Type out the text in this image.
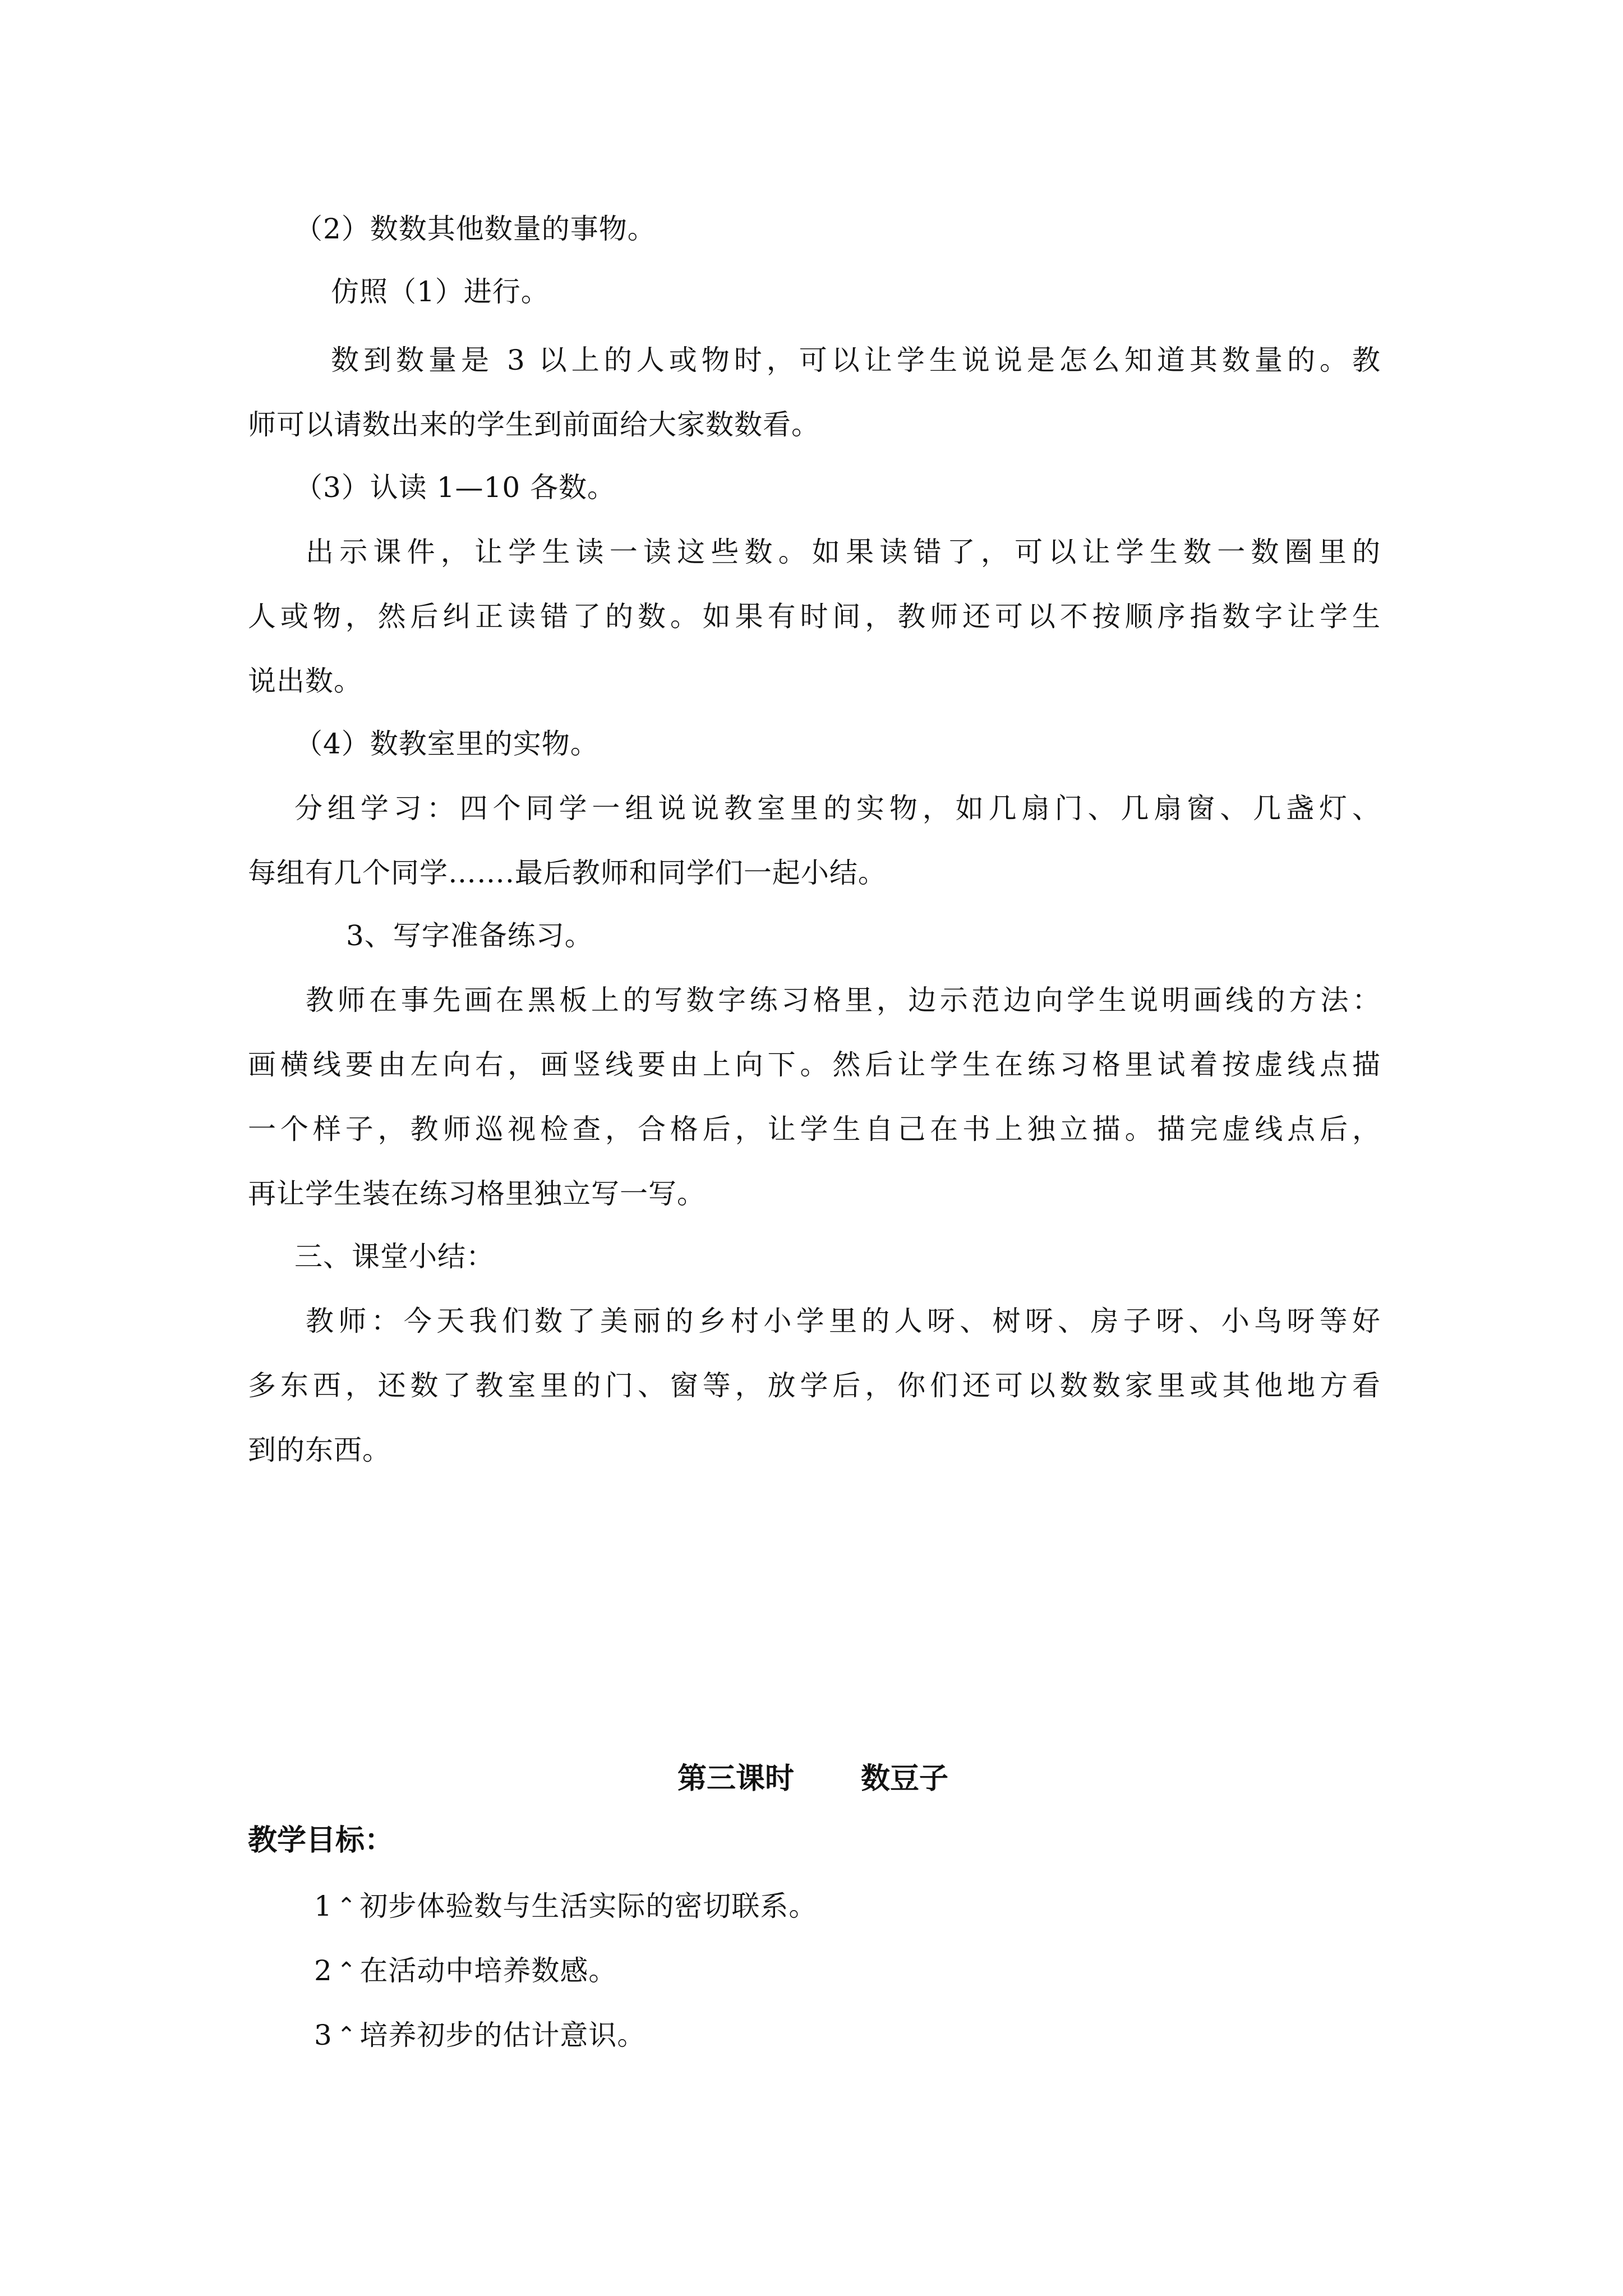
（2）数数其他数量的事物。
仿照（1）进行。
数到数量是 3 以上的人或物时，可以让学生说说是怎么知道其数量的。教
师可以请数出来的学生到前面给大家数数看。
（3）认读 1—10 各数。
出示课件，让学生读一读这些数。如果读错了，可以让学生数一数圈里的
人或物，然后纠正读错了的数。如果有时间，教师还可以不按顺序指数字让学生
说出数。
（4）数教室里的实物。
分组学习：四个同学一组说说教室里的实物，如几扇门、几扇窗、几盏灯、
每组有几个同学…….最后教师和同学们一起小结。
3、写字准备练习。
教师在事先画在黑板上的写数字练习格里，边示范边向学生说明画线的方法：
画横线要由左向右，画竖线要由上向下。然后让学生在练习格里试着按虚线点描
一个样子，教师巡视检查，合格后，让学生自己在书上独立描。描完虚线点后，
再让学生装在练习格里独立写一写。
三、课堂小结：
教师：今天我们数了美丽的乡村小学里的人呀、树呀、房子呀、小鸟呀等好
多东西，还数了教室里的门、窗等，放学后，你们还可以数数家里或其他地方看
到的东西。
第三课时 数豆子
教学目标：
1 ⌃ 初步体验数与生活实际的密切联系。
2 ⌃ 在活动中培养数感。
3 ⌃ 培养初步的估计意识。
